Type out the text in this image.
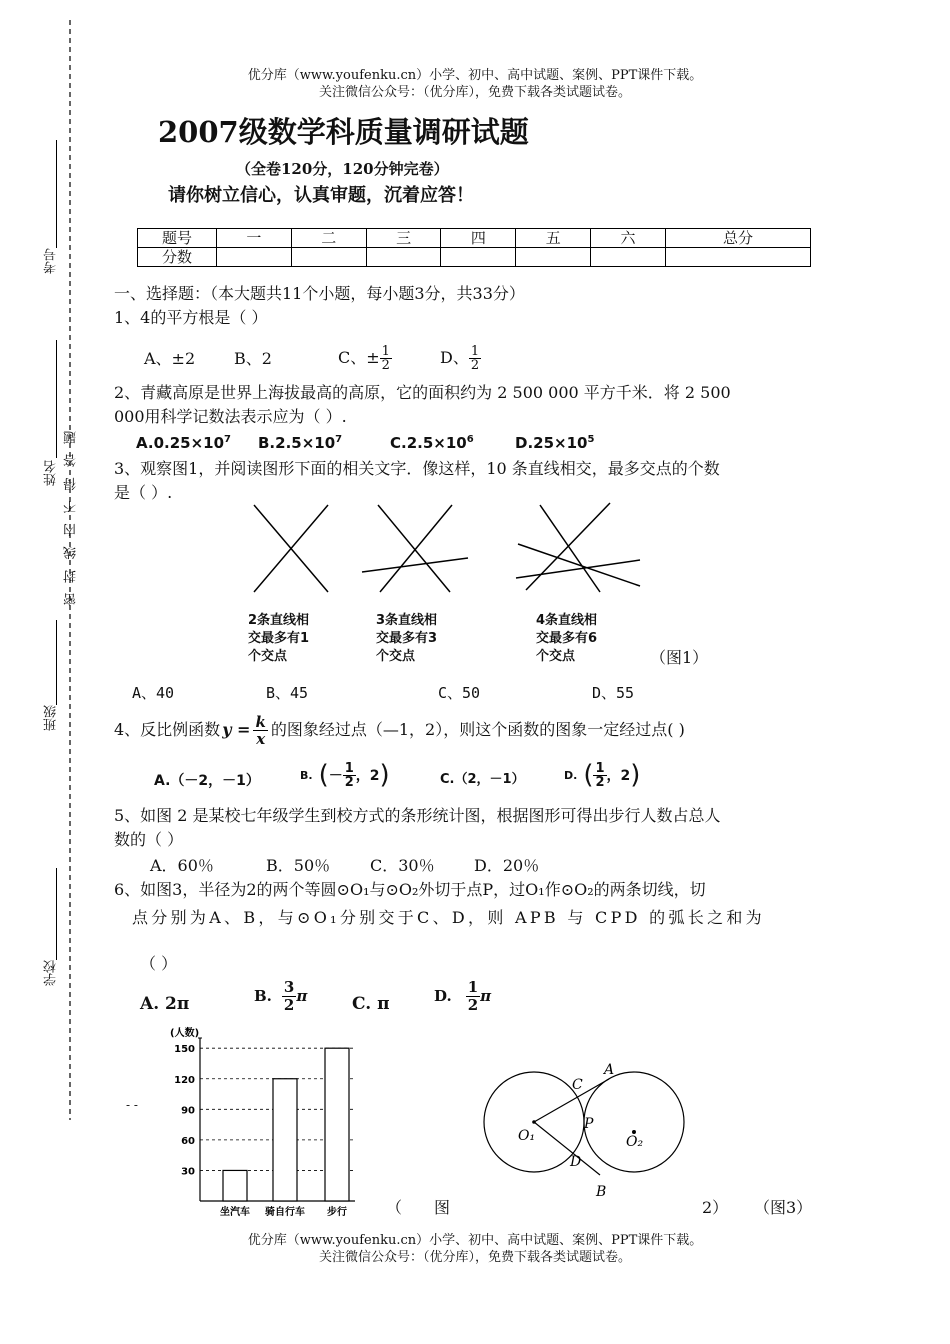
优分库（www.youfenku.cn）小学、初中、高中试题、案例、PPT课件下载。
关注微信公众号：（优分库），免费下载各类试题试卷。
考号
姓名 密 封 线 内 不 得 答 题
班级
学校
2007级数学科质量调研试题
（全卷120分，120分钟完卷）
请你树立信心，认真审题，沉着应答！
题号	一	二	三	四	五	六	总分
分数							
一、选择题：（本大题共11个小题，每小题3分，共33分）
1、4的平方根是（ ）
A、±2 B、2	C、± $\frac{1}{2}$	D、 $\frac{1}{2}$
2、青藏高原是世界上海拔最高的高原，它的面积约为 2 500 000 平方千米．将 2 500
000用科学记数法表示应为（ ）.
$A.0.25\times 10^7$ $B.2.5\times 10^7$	$C.2.5\times 10^6$	$D.25\times 10^5$
3、观察图1，并阅读图形下面的相关文字．像这样，10 条直线相交，最多交点的个数
是（ ）.
2条直线相
交最多有1
个交点
3条直线相
交最多有3
个交点
4条直线相
交最多有6
个交点	（图1）
A、40	B、45	C、50	D、55
4、反比例函数 $y = \frac{k}{x}$ 的图象经过点（—1，2），则这个函数的图象一定经过点( )
A.（－2，－1）	B. ( － $\frac{1}{2}$ ，2 )	C.（2，－1）	D. ( $\frac{1}{2}$ ，2 )
5、如图 2 是某校七年级学生到校方式的条形统计图，根据图形可得出步行人数占总人
数的（ ）
A．60％	B．50％ C．30％ D．20％
6、如图3，半径为2的两个等圆⊙O₁与⊙O₂外切于点P，过O₁作⊙O₂的两条切线，切
点分别为A、B，与⊙O₁分别交于C、D，则 APB 与 CPD 的弧长之和为
（ ）
A. 2π	B. $\frac{3}{2}$ π	C. π	D. $\frac{1}{2}$ π
(人数)
30
60
90
120
150
坐汽车 骑自行车 步行
- -
A
B
C
D
P
O₁	O₂
（　　图	2） （图3）
优分库（www.youfenku.cn）小学、初中、高中试题、案例、PPT课件下载。
关注微信公众号：（优分库），免费下载各类试题试卷。
